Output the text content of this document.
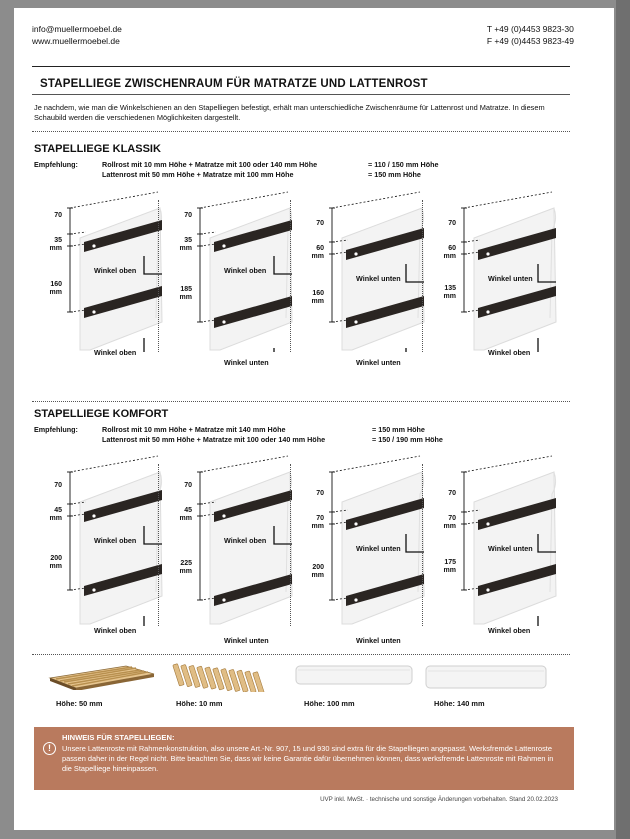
info@muellermoebel.de
www.muellermoebel.de
T +49 (0)4453 9823-30
F +49 (0)4453 9823-49
STAPELLIEGE ZWISCHENRAUM FÜR MATRATZE UND LATTENROST
Je nachdem, wie man die Winkelschienen an den Stapelliegen befestigt, erhält man unterschiedliche Zwischenräume für Lattenrost und Matratze. In diesem Schaubild werden die verschiedenen Möglichkeiten dargestellt.
STAPELLIEGE KLASSIK
Empfehlung:	Rollrost mit 10 mm Höhe + Matratze mit 100 oder 140 mm Höhe	= 110 / 150 mm Höhe
Lattenrost mit 50 mm Höhe + Matratze mit 100 mm Höhe	= 150 mm Höhe
70
35
mm
160
mm
Winkel oben
Winkel oben
70
35
mm
185
mm
Winkel oben
Winkel unten
70
60
mm
160
mm
Winkel unten
Winkel unten
70
60
mm
135
mm
Winkel unten
Winkel oben
STAPELLIEGE KOMFORT
Empfehlung:	Rollrost mit 10 mm Höhe + Matratze mit 140 mm Höhe	= 150 mm Höhe
Lattenrost mit 50 mm Höhe + Matratze mit 100 oder 140 mm Höhe	= 150 / 190 mm Höhe
70
45
mm
200
mm
Winkel oben
Winkel oben
70
45
mm
225
mm
Winkel oben
Winkel unten
70
70
mm
200
mm
Winkel unten
Winkel unten
70
70
mm
175
mm
Winkel unten
Winkel oben
Höhe: 50 mm	Höhe: 10 mm	Höhe: 100 mm	Höhe: 140 mm
!
HINWEIS FÜR STAPELLIEGEN:
Unsere Lattenroste mit Rahmenkonstruktion, also unsere Art.-Nr. 907, 15 und 930 sind extra für die Stapelliegen angepasst. Werksfremde Lattenroste passen daher in der Regel nicht. Bitte beachten Sie, dass wir keine Garantie dafür übernehmen können, dass werksfremde Lattenroste mit Rahmen in die Stapelliege hineinpassen.
UVP inkl. MwSt. · technische und sonstige Änderungen vorbehalten. Stand 20.02.2023
